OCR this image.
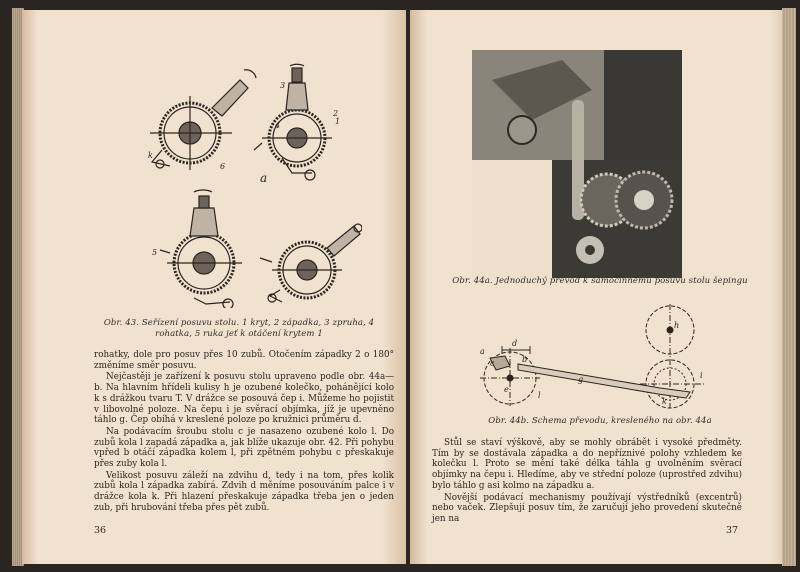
a
1
2
3
4
5
6
k
Obr. 43. Seřízení posuvu stolu. 1 kryt, 2 západka, 3 zpruha, 4 rohatka, 5 ruka jeť k otáčení krytem 1

rohatky, dole pro posuv přes 10 zubů. Otočením západky 2 o 180° změníme směr posuvu.

Nejčastěji je zařízení k posuvu stolu upraveno podle obr. 44a—b. Na hlavním hřídeli kulisy h je ozubené kolečko, pohánějící kolo k s drážkou tvaru T. V drážce se posouvá čep i. Můžeme ho pojistit v libovolné poloze. Na čepu i je svěrací objímka, jíž je upevněno táhlo g. Čep obíhá v kreslené poloze po kružnici průměru d.

Na podávacím šroubu stolu c je nasazeno ozubené kolo l. Do zubů kola l zapadá západka a, jak blíže ukazuje obr. 42. Při pohybu vpřed b otáčí západka kolem l, při zpětném pohybu c přeskakuje přes zuby kola l.

Velikost posuvu záleží na zdvihu d, tedy i na tom, přes kolik zubů kola l západka zabírá. Zdvih d měníme posouváním palce i v drážce kola k. Při hlazení přeskakuje západka třeba jen o jeden zub, při hrubování třeba přes pět zubů.

36
Obr. 44a. Jednoduchý převod k samočinnému posuvu stolu šepingu
d
a
c	b
e
l
g
h
k
i
Obr. 44b. Schema převodu, kresleného na obr. 44a

Stůl se staví výškově, aby se mohly obrábět i vysoké předměty. Tím by se dostávala západka a do nepříznivé polohy vzhledem ke kolečku l. Proto se mění také délka táhla g uvolněním svěrací objímky na čepu i. Hledíme, aby ve střední poloze (uprostřed zdvihu) bylo táhlo g asi kolmo na západku a.

Novější podávací mechanismy používají výstředníků (excentrů) nebo vaček. Zlepšují posuv tím, že zaručují jeho provedení skutečně jen na

37
